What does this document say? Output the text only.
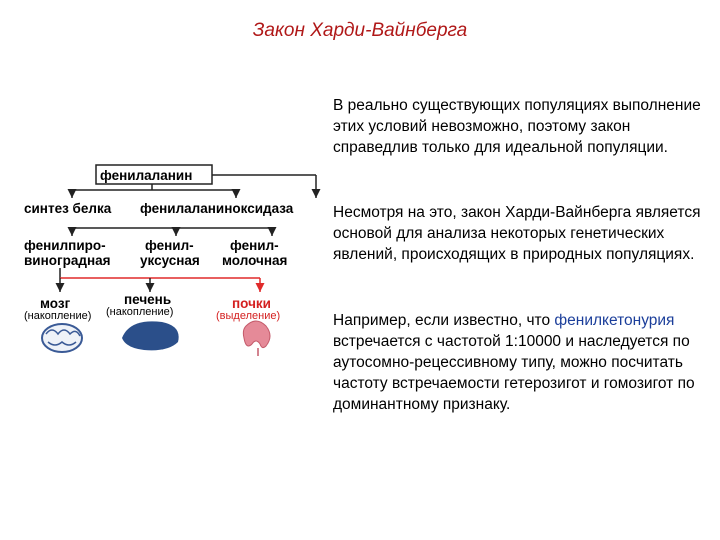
Закон Харди-Вайнберга
фенилаланин
синтез белка фенилаланиноксидаза
фенилпиро-
виноградная
фенил-
уксусная
фенил-
молочная
мозг
(накопление)
печень
(накопление)
почки
(выделение)
В реально существующих популяциях выполнение этих условий невозможно, поэтому закон справедлив только для идеальной популяции.
Несмотря на это, закон Харди-Вайнберга является основой для анализа некоторых генетических явлений, происходящих в природных популяциях.
Например, если известно, что фенилкетонурия встречается с частотой 1:10000 и наследуется по аутосомно-рецессивному типу, можно посчитать частоту встречаемости гетерозигот и гомозигот по доминантному признаку.
